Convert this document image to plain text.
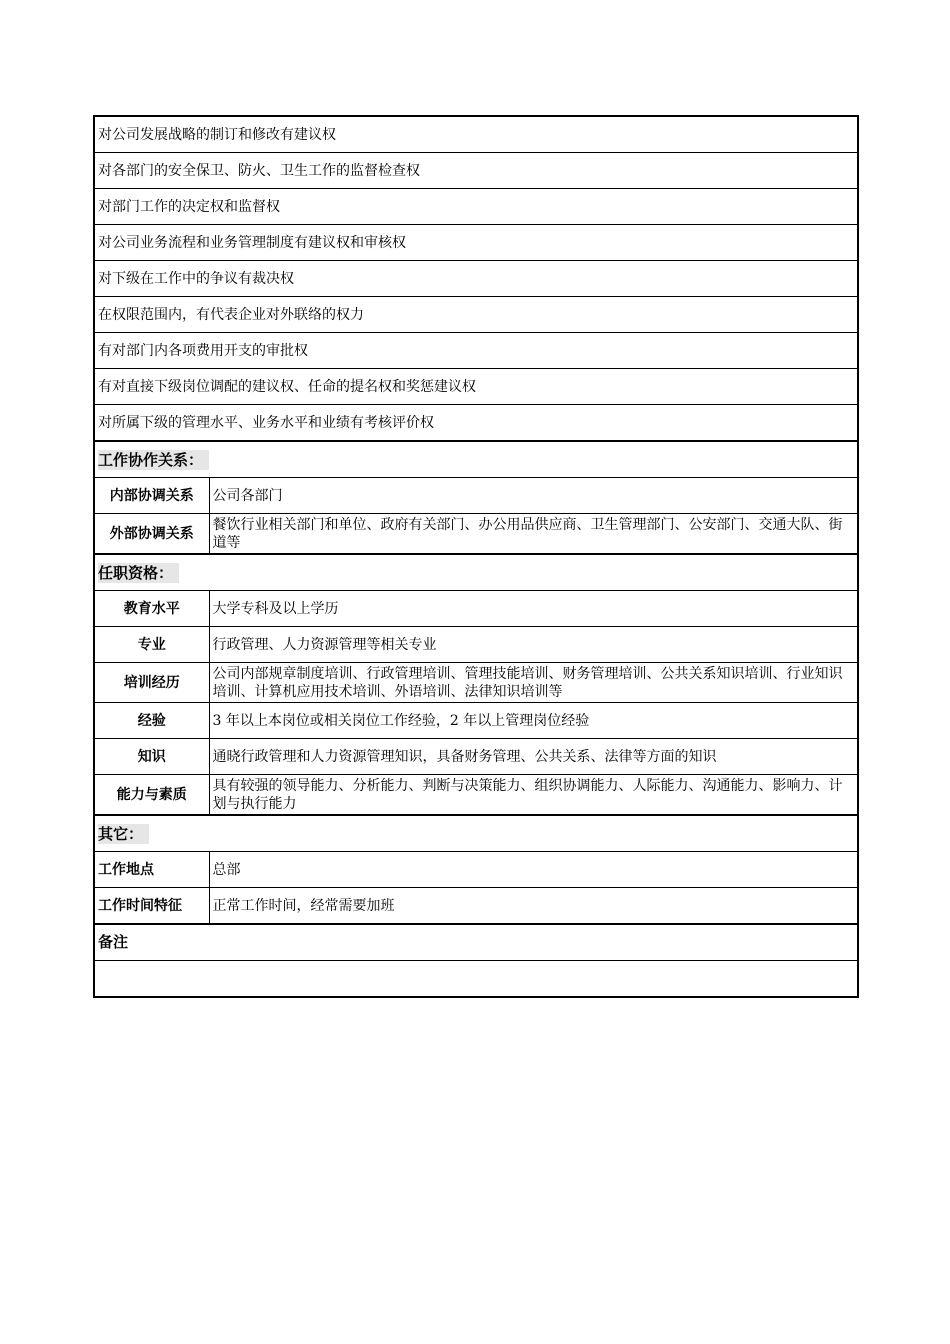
对公司发展战略的制订和修改有建议权	
对各部门的安全保卫、防火、卫生工作的监督检查权	
对部门工作的决定权和监督权	
对公司业务流程和业务管理制度有建议权和审核权	
对下级在工作中的争议有裁决权	
在权限范围内，有代表企业对外联络的权力	
有对部门内各项费用开支的审批权	
有对直接下级岗位调配的建议权、任命的提名权和奖惩建议权	
对所属下级的管理水平、业务水平和业绩有考核评价权	
工作协作关系：	
内部协调关系	公司各部门
外部协调关系	餐饮行业相关部门和单位、政府有关部门、办公用品供应商、卫生管理部门、公安部门、交通大队、街道等
任职资格：	
教育水平	大学专科及以上学历
专业	行政管理、人力资源管理等相关专业
培训经历	公司内部规章制度培训、行政管理培训、管理技能培训、财务管理培训、公共关系知识培训、行业知识培训、计算机应用技术培训、外语培训、法律知识培训等
经验	3 年以上本岗位或相关岗位工作经验，2 年以上管理岗位经验
知识	通晓行政管理和人力资源管理知识，具备财务管理、公共关系、法律等方面的知识
能力与素质	具有较强的领导能力、分析能力、判断与决策能力、组织协调能力、人际能力、沟通能力、影响力、计划与执行能力
其它：	
工作地点	总部
工作时间特征	正常工作时间，经常需要加班
备注	
